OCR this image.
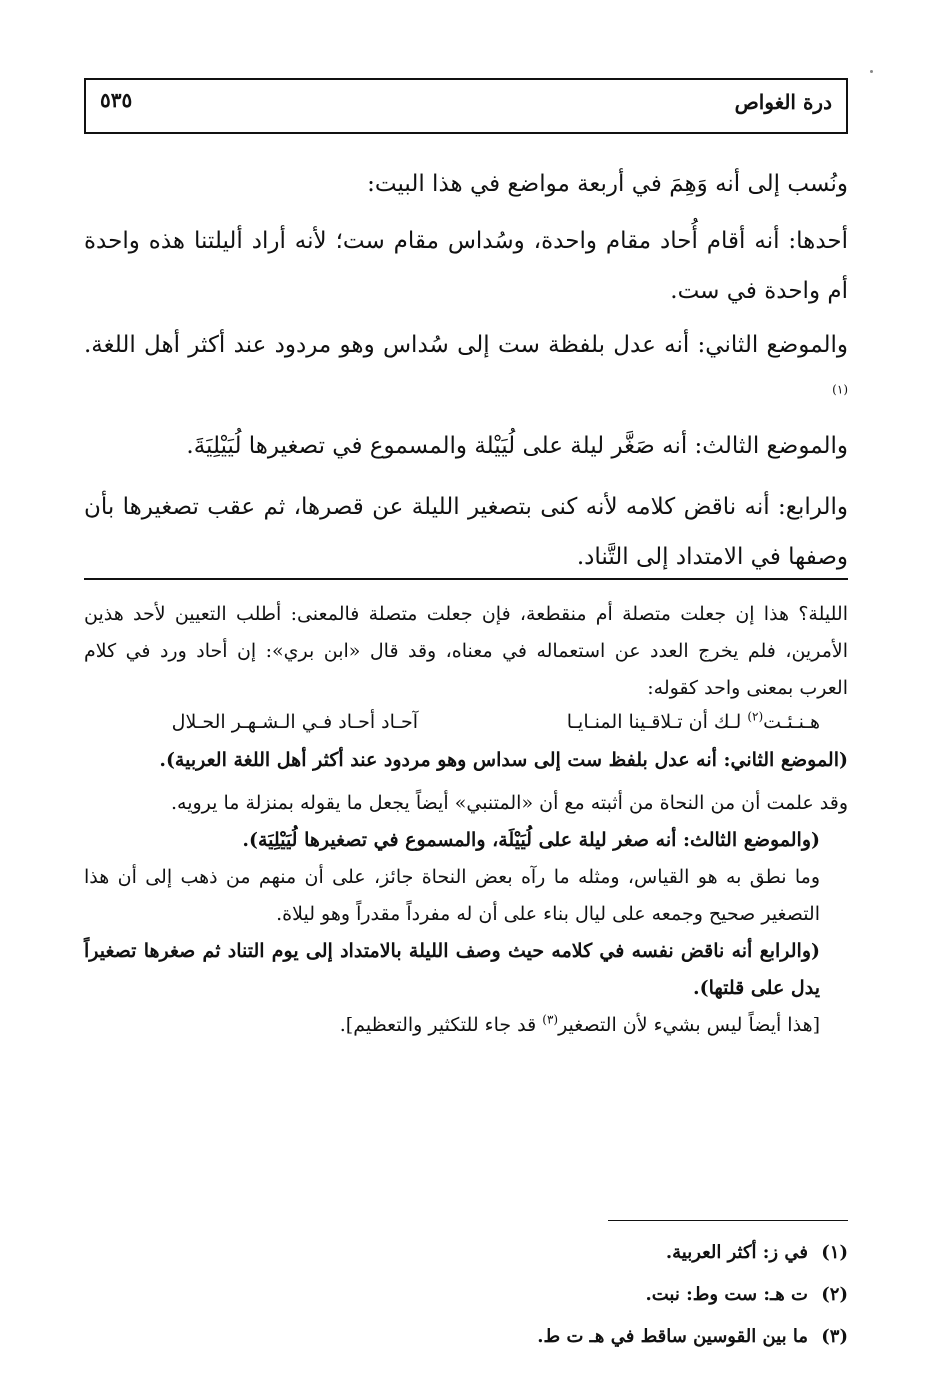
درة الغواص
٥٣٥

ونُسب إلى أنه وَهِمَ في أربعة مواضع في هذا البيت:

أحدها: أنه أقام أُحاد مقام واحدة، وسُداس مقام ست؛ لأنه أراد أليلتنا هذه واحدة أم واحدة في ست.

والموضع الثاني: أنه عدل بلفظة ست إلى سُداس وهو مردود عند أكثر أهل اللغة.$^{(١)}$

والموضع الثالث: أنه صَغَّر ليلة على لُيَيْلة والمسموع في تصغيرها لُيَيْلِيَةَ.

والرابع: أنه ناقض كلامه لأنه كنى بتصغير الليلة عن قصرها، ثم عقب تصغيرها بأن وصفها في الامتداد إلى التَّناد.

الليلة؟ هذا إن جعلت متصلة أم منقطعة، فإن جعلت متصلة فالمعنى: أطلب التعيين لأحد هذين الأمرين، فلم يخرج العدد عن استعماله في معناه، وقد قال «ابن بري»: إن أحاد ورد في كلام العرب بمعنى واحد كقوله:

هـنـئـت$^{(٢)}$ لـك أن تـلاقـينا المنـايـا
آحـاد أحـاد فـي الـشـهـر الحـلال

(الموضع الثاني: أنه عدل بلفظ ست إلى سداس وهو مردود عند أكثر أهل اللغة العربية).

وقد علمت أن من النحاة من أثبته مع أن «المتنبي» أيضاً يجعل ما يقوله بمنزلة ما يرويه.

(والموضع الثالث: أنه صغر ليلة على لُيَيْلَة، والمسموع في تصغيرها لُيَيْلِيَة).

وما نطق به هو القياس، ومثله ما رآه بعض النحاة جائز، على أن منهم من ذهب إلى أن هذا التصغير صحيح وجمعه على ليال بناء على أن له مفرداً مقدراً وهو ليلاة.

(والرابع أنه ناقض نفسه في كلامه حيث وصف الليلة بالامتداد إلى يوم التناد ثم صغرها تصغيراً يدل على قلتها).

[هذا أيضاً ليس بشيء لأن التصغير$^{(٣)}$ قد جاء للتكثير والتعظيم].

(١)في ز: أكثر العربية.

(٢)ت هـ: ست وط: نبت.

(٣)ما بين القوسين ساقط في هـ ت ط.
